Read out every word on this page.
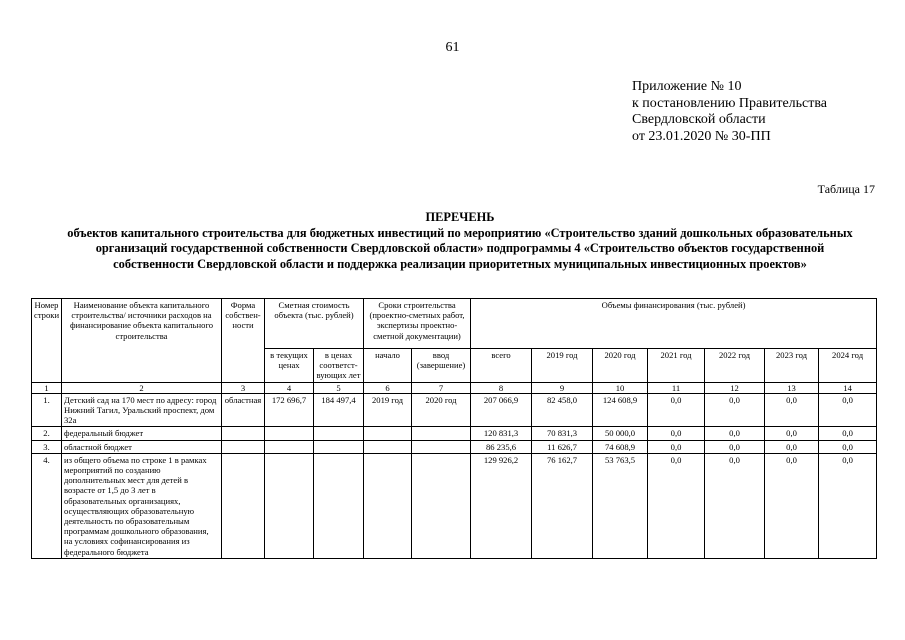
61
Приложение № 10
к постановлению Правительства
Свердловской области
от 23.01.2020 № 30-ПП
Таблица 17
ПЕРЕЧЕНЬ
объектов капитального строительства для бюджетных инвестиций по мероприятию «Строительство зданий дошкольных образовательных
организаций государственной собственности Свердловской области» подпрограммы 4 «Строительство объектов государственной
собственности Свердловской области и поддержка реализации приоритетных муниципальных инвестиционных проектов»
Номер строки	Наименование объекта капитального строительства/ источники расходов на финансирование объекта капитального строительства	Форма собствен-ности	Сметная стоимость объекта (тыс. рублей)		Сроки строительства (проектно-сметных работ, экспертизы проектно-сметной документации)		Объемы финансирования (тыс. рублей)						
			в текущих ценах	в ценах соответст-вующих лет	начало	ввод (завершение)	всего	2019 год	2020 год	2021 год	2022 год	2023 год	2024 год
1	2	3	4	5	6	7	8	9	10	11	12	13	14
1.	Детский сад на 170 мест по адресу: город Нижний Тагил, Уральский проспект, дом 32а	областная	172 696,7	184 497,4	2019 год	2020 год	207 066,9	82 458,0	124 608,9	0,0	0,0	0,0	0,0
2.	федеральный бюджет						120 831,3	70 831,3	50 000,0	0,0	0,0	0,0	0,0
3.	областной бюджет						86 235,6	11 626,7	74 608,9	0,0	0,0	0,0	0,0
4.	из общего объема по строке 1 в рамках мероприятий по созданию дополнительных мест для детей в возрасте от 1,5 до 3 лет в образовательных организациях, осуществляющих образовательную деятельность по образовательным программам дошкольного образования, на условиях софинансирования из федерального бюджета						129 926,2	76 162,7	53 763,5	0,0	0,0	0,0	0,0
